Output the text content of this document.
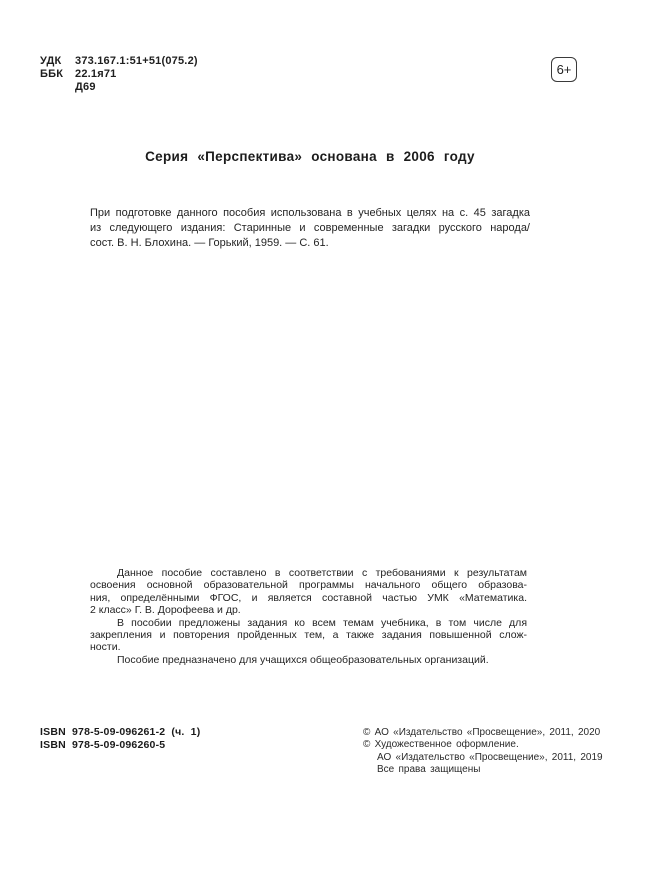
УДК	373.167.1:51+51(075.2)
ББК	22.1я71
Д69
6+
Серия «Перспектива» основана в 2006 году
При подготовке данного пособия использована в учебных целях на с. 45 загадка
из следующего издания: Старинные и современные загадки русского народа/
сост. В. Н. Блохина. — Горький, 1959. — С. 61.
Данное пособие составлено в соответствии с требованиями к результатам
освоения основной образовательной программы начального общего образова-
ния, определёнными ФГОС, и является составной частью УМК «Математика.
2 класс» Г. В. Дорофеева и др.
В пособии предложены задания ко всем темам учебника, в том числе для
закрепления и повторения пройденных тем, а также задания повышенной слож-
ности.
Пособие предназначено для учащихся общеобразовательных организаций.
ISBN 978-5-09-096261-2 (ч. 1)
ISBN 978-5-09-096260-5
© АО «Издательство «Просвещение», 2011, 2020
© Художественное оформление.
АО «Издательство «Просвещение», 2011, 2019
Все права защищены
